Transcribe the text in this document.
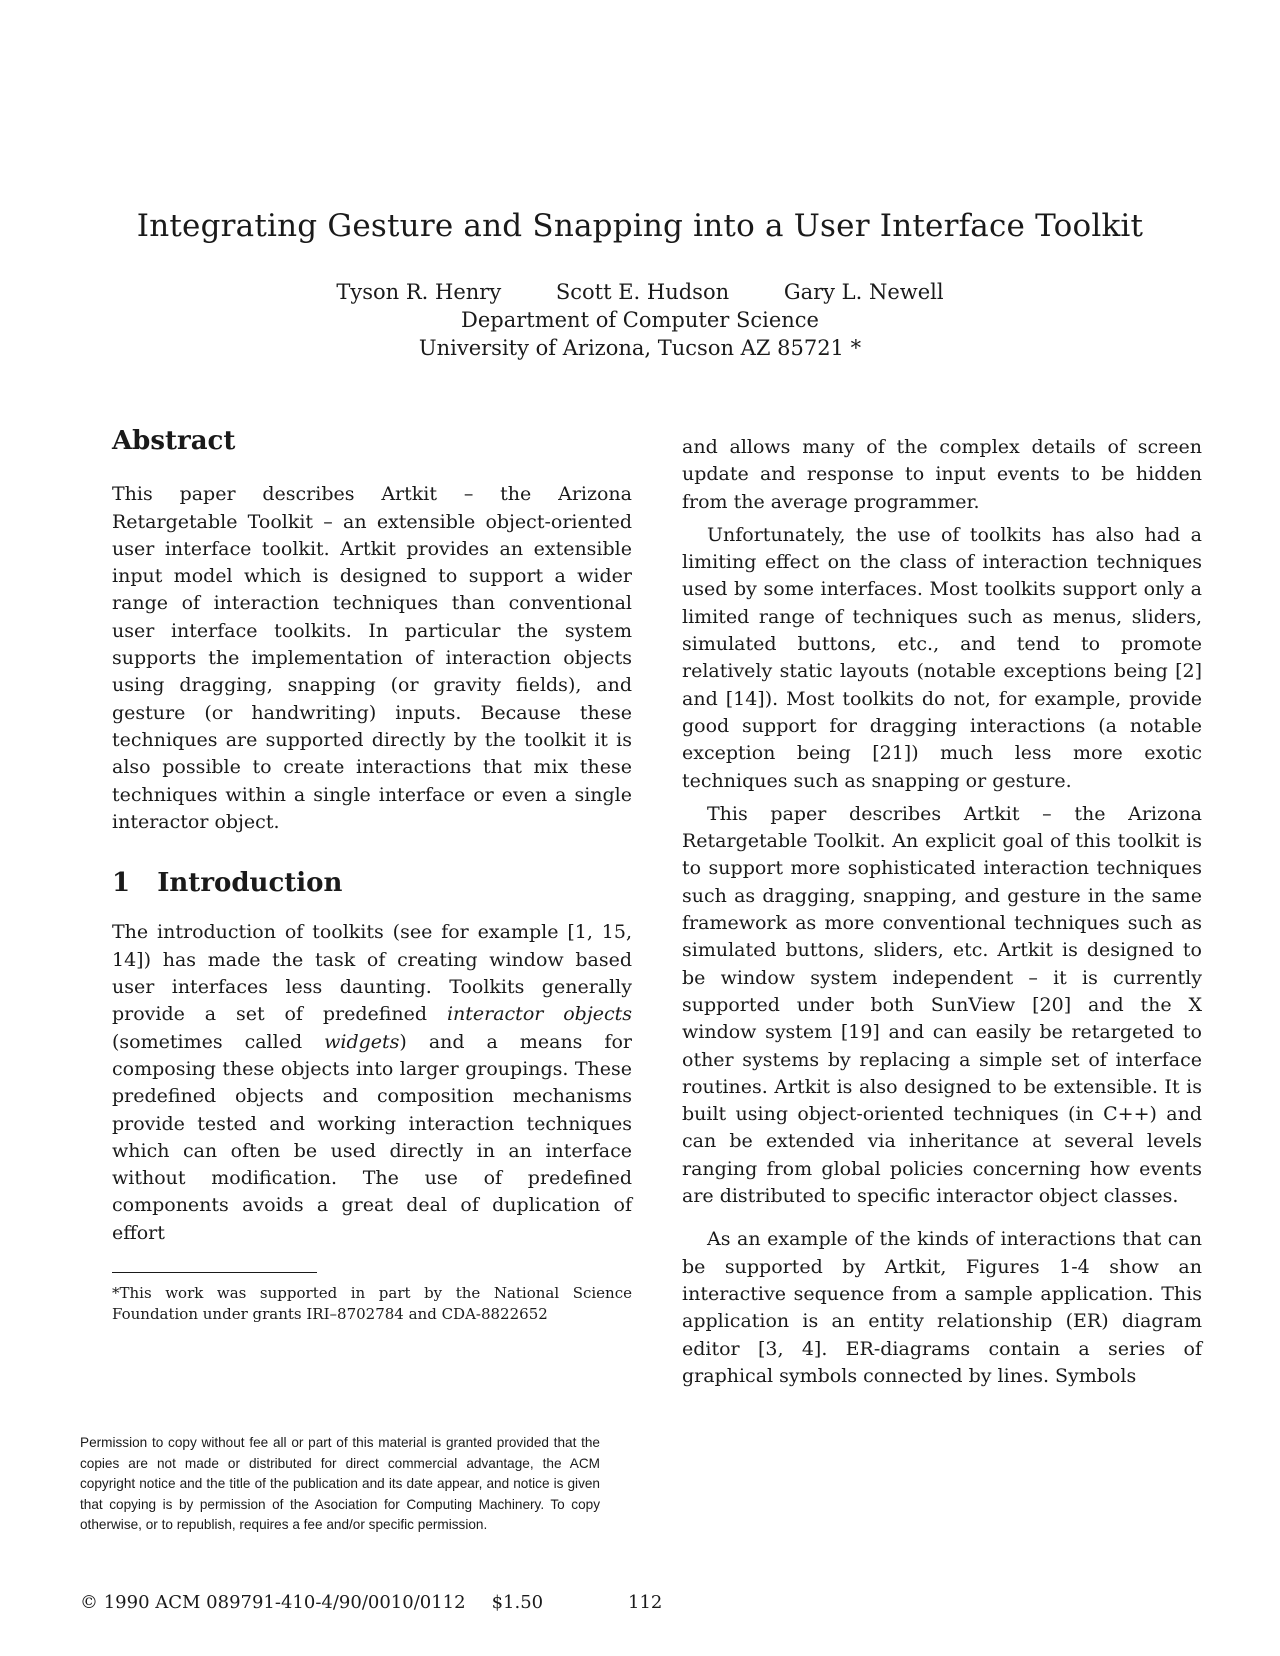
Integrating Gesture and Snapping into a User Interface Toolkit
Tyson R. Henry	Scott E. Hudson	Gary L. Newell
Department of Computer Science
University of Arizona, Tucson AZ 85721 *
Abstract

This paper describes Artkit – the Arizona Retargetable Toolkit – an extensible object-oriented user interface toolkit. Artkit provides an extensible input model which is designed to support a wider range of interaction techniques than conventional user interface toolkits. In particular the system supports the implementation of interaction objects using dragging, snapping (or gravity fields), and gesture (or handwriting) inputs. Because these techniques are supported directly by the toolkit it is also possible to create interactions that mix these techniques within a single interface or even a single interactor object.

1   Introduction

The introduction of toolkits (see for example [1, 15, 14]) has made the task of creating window based user interfaces less daunting. Toolkits generally provide a set of predefined interactor objects (sometimes called widgets) and a means for composing these objects into larger groupings. These predefined objects and composition mechanisms provide tested and working interaction techniques which can often be used directly in an interface without modification. The use of predefined components avoids a great deal of duplication of effort

*This work was supported in part by the National Science Foundation under grants IRI–8702784 and CDA-8822652
Permission to copy without fee all or part of this material is granted provided that the copies are not made or distributed for direct commercial advantage, the ACM copyright notice and the title of the publication and its date appear, and notice is given that copying is by permission of the Asociation for Computing Machinery. To copy otherwise, or to republish, requires a fee and/or specific permission.
© 1990 ACM 089791-410-4/90/0010/0112 $1.50	112

and allows many of the complex details of screen update and response to input events to be hidden from the average programmer.

Unfortunately, the use of toolkits has also had a limiting effect on the class of interaction techniques used by some interfaces. Most toolkits support only a limited range of techniques such as menus, sliders, simulated buttons, etc., and tend to promote relatively static layouts (notable exceptions being [2] and [14]). Most toolkits do not, for example, provide good support for dragging interactions (a notable exception being [21]) much less more exotic techniques such as snapping or gesture.

This paper describes Artkit – the Arizona Retargetable Toolkit. An explicit goal of this toolkit is to support more sophisticated interaction techniques such as dragging, snapping, and gesture in the same framework as more conventional techniques such as simulated buttons, sliders, etc. Artkit is designed to be window system independent – it is currently supported under both SunView [20] and the X window system [19] and can easily be retargeted to other systems by replacing a simple set of interface routines. Artkit is also designed to be extensible. It is built using object-oriented techniques (in C++) and can be extended via inheritance at several levels ranging from global policies concerning how events are distributed to specific interactor object classes.

As an example of the kinds of interactions that can be supported by Artkit, Figures 1-4 show an interactive sequence from a sample application. This application is an entity relationship (ER) diagram editor [3, 4]. ER-diagrams contain a series of graphical symbols connected by lines. Symbols
